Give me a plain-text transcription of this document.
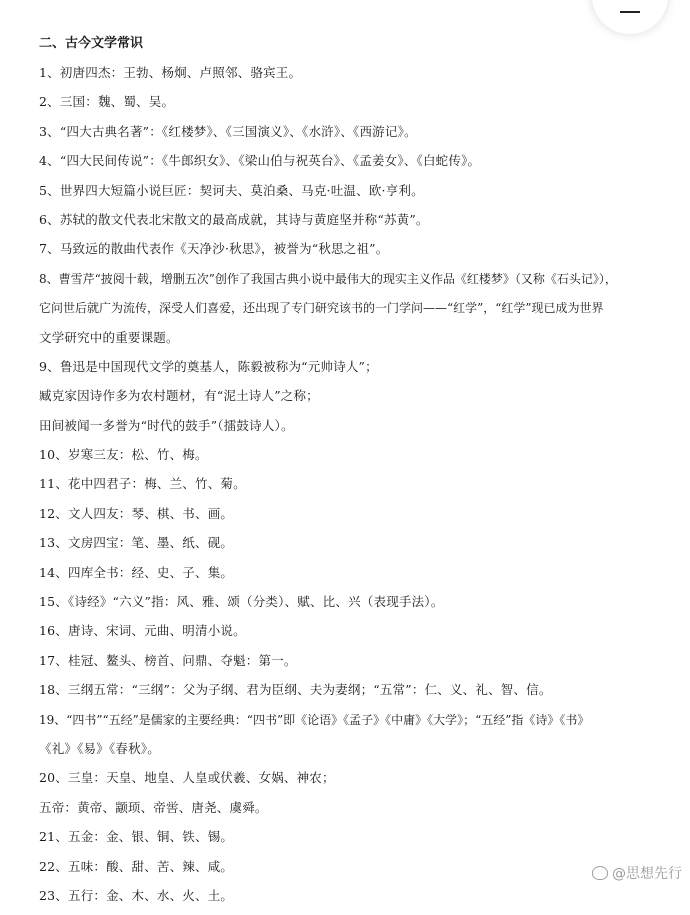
二、古今文学常识
1、初唐四杰：王勃、杨炯、卢照邻、骆宾王。
2、三国：魏、蜀、吴。
3、“四大古典名著”：《红楼梦》、《三国演义》、《水浒》、《西游记》。
4、“四大民间传说”：《牛郎织女》、《梁山伯与祝英台》、《孟姜女》、《白蛇传》。
5、世界四大短篇小说巨匠：契诃夫、莫泊桑、马克·吐温、欧·亨利。
6、苏轼的散文代表北宋散文的最高成就，其诗与黄庭坚并称“苏黄”。
7、马致远的散曲代表作《天净沙·秋思》，被誉为“秋思之祖”。
8、曹雪芹“披阅十载，增删五次”创作了我国古典小说中最伟大的现实主义作品《红楼梦》（又称《石头记》），
它问世后就广为流传，深受人们喜爱，还出现了专门研究该书的一门学问——“红学”，“红学”现已成为世界
文学研究中的重要课题。
9、鲁迅是中国现代文学的奠基人，陈毅被称为“元帅诗人”；
臧克家因诗作多为农村题材，有“泥土诗人”之称；
田间被闻一多誉为“时代的鼓手”（擂鼓诗人）。
10、岁寒三友：松、竹、梅。
11、花中四君子：梅、兰、竹、菊。
12、文人四友：琴、棋、书、画。
13、文房四宝：笔、墨、纸、砚。
14、四库全书：经、史、子、集。
15、《诗经》“六义”指：风、雅、颂（分类）、赋、比、兴（表现手法）。
16、唐诗、宋词、元曲、明清小说。
17、桂冠、鳌头、榜首、问鼎、夺魁：第一。
18、三纲五常：“三纲”：父为子纲、君为臣纲、夫为妻纲；“五常”：仁、义、礼、智、信。
19、“四书”“五经”是儒家的主要经典：“四书”即《论语》《孟子》《中庸》《大学》；“五经”指《诗》《书》
《礼》《易》《春秋》。
20、三皇：天皇、地皇、人皇或伏羲、女娲、神农；
五帝：黄帝、颛顼、帝喾、唐尧、虞舜。
21、五金：金、银、铜、铁、锡。
22、五味：酸、甜、苦、辣、咸。
23、五行：金、木、水、火、土。
@思想先行
